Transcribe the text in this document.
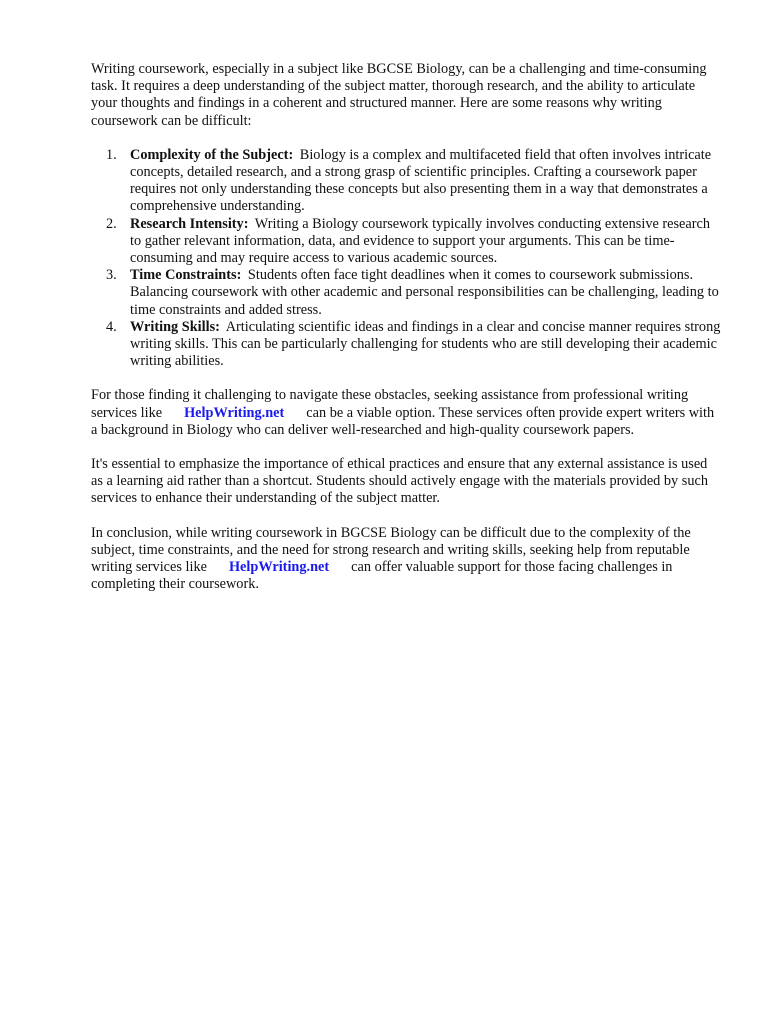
Writing coursework, especially in a subject like BGCSE Biology, can be a challenging and time-consuming task. It requires a deep understanding of the subject matter, thorough research, and the ability to articulate your thoughts and findings in a coherent and structured manner. Here are some reasons why writing coursework can be difficult:

1. Complexity of the Subject: Biology is a complex and multifaceted field that often involves intricate concepts, detailed research, and a strong grasp of scientific principles. Crafting a coursework paper requires not only understanding these concepts but also presenting them in a way that demonstrates a comprehensive understanding.
2. Research Intensity: Writing a Biology coursework typically involves conducting extensive research to gather relevant information, data, and evidence to support your arguments. This can be time-consuming and may require access to various academic sources.
3. Time Constraints: Students often face tight deadlines when it comes to coursework submissions. Balancing coursework with other academic and personal responsibilities can be challenging, leading to time constraints and added stress.
4. Writing Skills: Articulating scientific ideas and findings in a clear and concise manner requires strong writing skills. This can be particularly challenging for students who are still developing their academic writing abilities.

For those finding it challenging to navigate these obstacles, seeking assistance from professional writing services like HelpWriting.net can be a viable option. These services often provide expert writers with a background in Biology who can deliver well-researched and high-quality coursework papers.

It's essential to emphasize the importance of ethical practices and ensure that any external assistance is used as a learning aid rather than a shortcut. Students should actively engage with the materials provided by such services to enhance their understanding of the subject matter.

In conclusion, while writing coursework in BGCSE Biology can be difficult due to the complexity of the subject, time constraints, and the need for strong research and writing skills, seeking help from reputable writing services like HelpWriting.net can offer valuable support for those facing challenges in completing their coursework.
